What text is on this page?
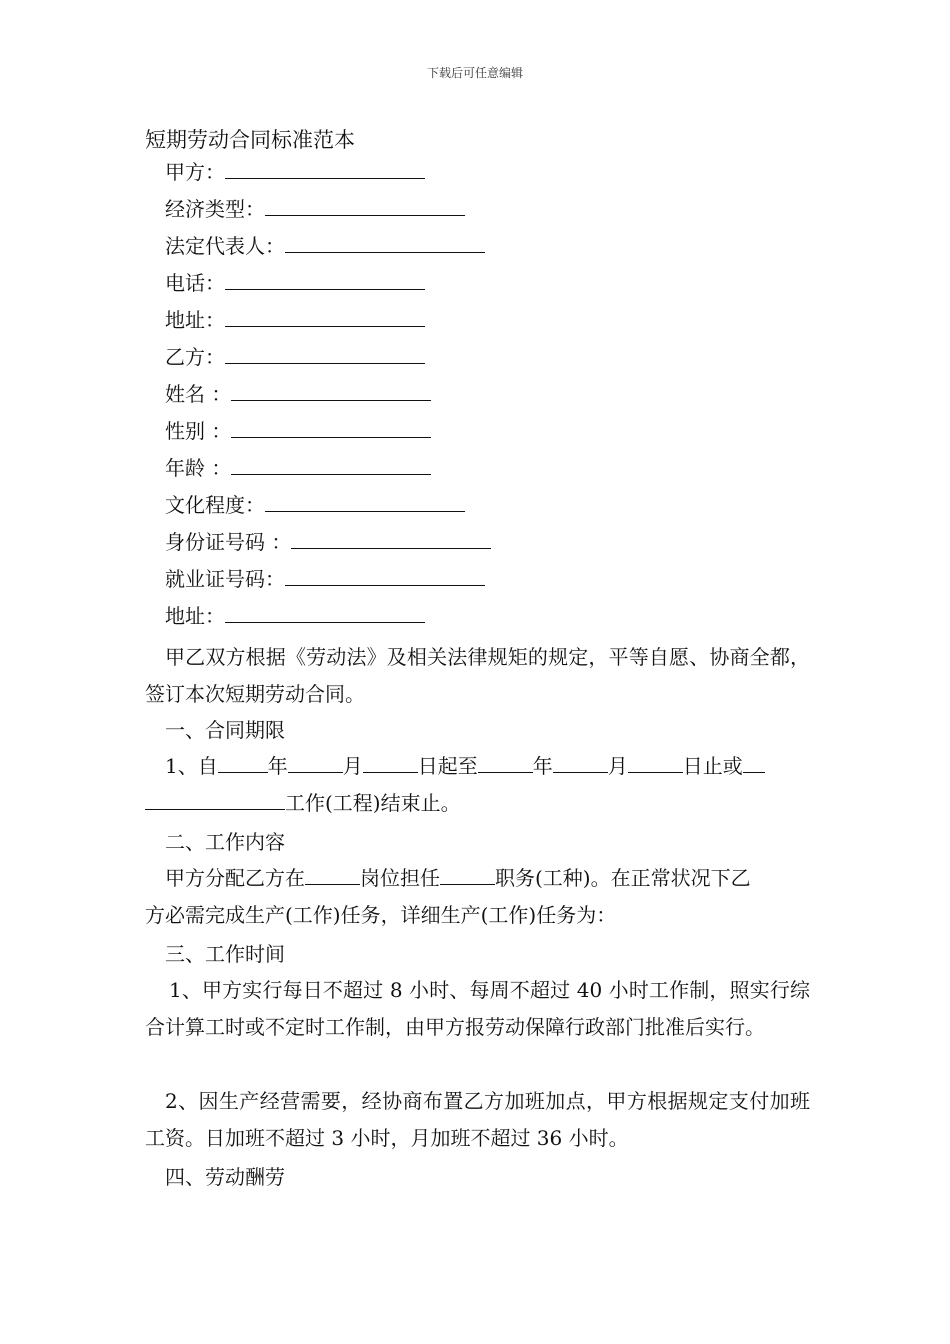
下载后可任意编辑
短期劳动合同标准范本
甲方：
经济类型：
法定代表人：
电话：
地址：
乙方：
姓名 ：
性别 ：
年龄 ：
文化程度：
身份证号码 ：
就业证号码：
地址：
甲乙双方根据《劳动法》及相关法律规矩的规定，平等自愿、协商全都，签订本次短期劳动合同。
一、合同期限
1、自	年	月	日起至	年	月	日止或
工作(工程)结束止。
二、工作内容
甲方分配乙方在	岗位担任	职务(工种)。在正常状况下乙
方必需完成生产(工作)任务，详细生产(工作)任务为：
三、工作时间
1、甲方实行每日不超过 8 小时、每周不超过 40 小时工作制，照实行综合计算工时或不定时工作制，由甲方报劳动保障行政部门批准后实行。
2、因生产经营需要，经协商布置乙方加班加点，甲方根据规定支付加班工资。日加班不超过 3 小时，月加班不超过 36 小时。
四、劳动酬劳
